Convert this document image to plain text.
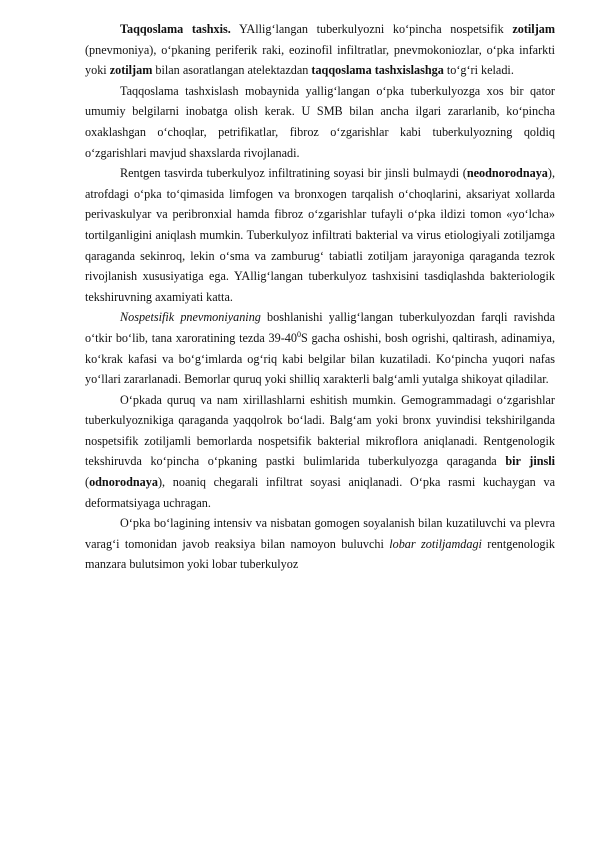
Taqqoslama tashxis. YAllig‘langan tuberkulyozni ko‘pincha nospetsifik zotiljam (pnevmoniya), o‘pkaning periferik raki, eozinofil infiltratlar, pnevmokoniozlar, o‘pka infarkti yoki zotiljam bilan asoratlangan atelektazdan taqqoslama tashxislashga to‘g‘ri keladi.

Taqqoslama tashxislash mobaynida yallig‘langan o‘pka tuberkulyozga xos bir qator umumiy belgilarni inobatga olish kerak. U SMB bilan ancha ilgari zararlanib, ko‘pincha oxaklashgan o‘choqlar, petrifikatlar, fibroz o‘zgarishlar kabi tuberkulyozning qoldiq o‘zgarishlari mavjud shaxslarda rivojlanadi.

Rentgen tasvirda tuberkulyoz infiltratining soyasi bir jinsli bulmaydi (neodnorodnaya), atrofdagi o‘pka to‘qimasida limfogen va bronxogen tarqalish o‘choqlarini, aksariyat xollarda perivaskulyar va peribronxial hamda fibroz o‘zgarishlar tufayli o‘pka ildizi tomon «yo‘lcha» tortilganligini aniqlash mumkin. Tuberkulyoz infiltrati bakterial va virus etiologiyali zotiljamga qaraganda sekinroq, lekin o‘sma va zamburug‘ tabiatli zotiljam jarayoniga qaraganda tezrok rivojlanish xususiyatiga ega. YAllig‘langan tuberkulyoz tashxisini tasdiqlashda bakteriologik tekshiruvning axamiyati katta.

Nospetsifik pnevmoniyaning boshlanishi yallig‘langan tuberkulyozdan farqli ravishda o‘tkir bo‘lib, tana xaroratining tezda $39-40^0S$ gacha oshishi, bosh ogrishi, qaltirash, adinamiya, ko‘krak kafasi va bo‘g‘imlarda og‘riq kabi belgilar bilan kuzatiladi. Ko‘pincha yuqori nafas yo‘llari zararlanadi. Bemorlar quruq yoki shilliq xarakterli balg‘amli yutalga shikoyat qiladilar.

O‘pkada quruq va nam xirillashlarni eshitish mumkin. Gemogrammadagi o‘zgarishlar tuberkulyoznikiga qaraganda yaqqolrok bo‘ladi. Balg‘am yoki bronx yuvindisi tekshirilganda nospetsifik zotiljamli bemorlarda nospetsifik bakterial mikroflora aniqlanadi. Rentgenologik tekshiruvda ko‘pincha o‘pkaning pastki bulimlarida tuberkulyozga qaraganda bir jinsli (odnorodnaya), noaniq chegarali infiltrat soyasi aniqlanadi. O‘pka rasmi kuchaygan va deformatsiyaga uchragan.

O‘pka bo‘lagining intensiv va nisbatan gomogen soyalanish bilan kuzatiluvchi va plevra varag‘i tomonidan javob reaksiya bilan namoyon buluvchi lobar zotiljamdagi rentgenologik manzara bulutsimon yoki lobar tuberkulyoz
